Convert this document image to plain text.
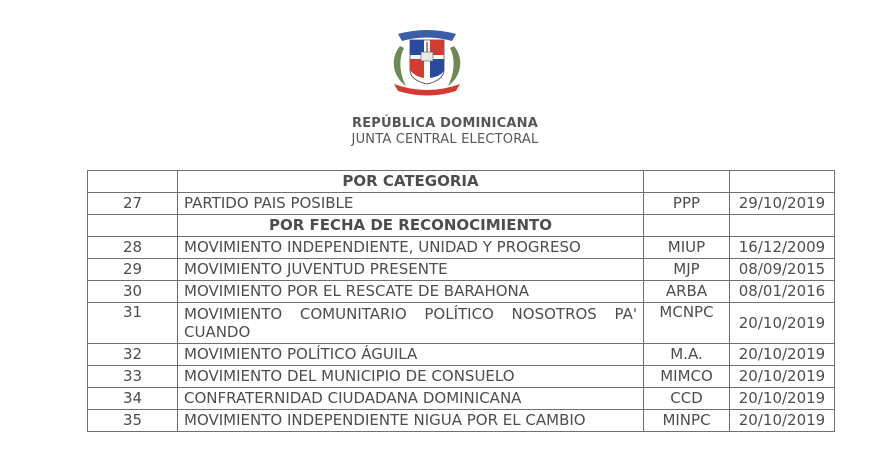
REPÚBLICA DOMINICANA
JUNTA CENTRAL ELECTORAL
	POR CATEGORIA		
27	PARTIDO PAIS POSIBLE	PPP	29/10/2019
	POR FECHA DE RECONOCIMIENTO		
28	MOVIMIENTO INDEPENDIENTE, UNIDAD Y PROGRESO	MIUP	16/12/2009
29	MOVIMIENTO JUVENTUD PRESENTE	MJP	08/09/2015
30	MOVIMIENTO POR EL RESCATE DE BARAHONA	ARBA	08/01/2016
31	MOVIMIENTO COMUNITARIO POLÍTICO NOSOTROS PA' CUANDO	MCNPC	20/10/2019
32	MOVIMIENTO POLÍTICO ÁGUILA	M.A.	20/10/2019
33	MOVIMIENTO DEL MUNICIPIO DE CONSUELO	MIMCO	20/10/2019
34	CONFRATERNIDAD CIUDADANA DOMINICANA	CCD	20/10/2019
35	MOVIMIENTO INDEPENDIENTE NIGUA POR EL CAMBIO	MINPC	20/10/2019
